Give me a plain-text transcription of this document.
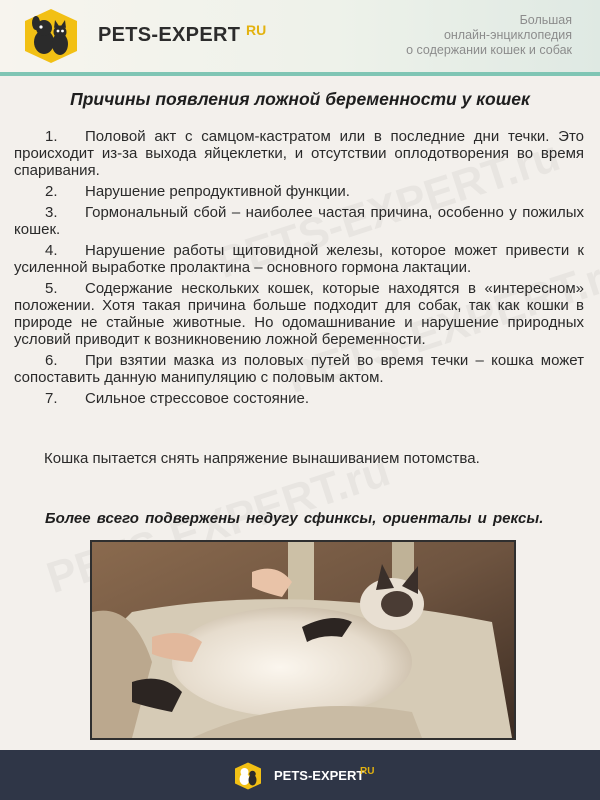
PETS-EXPERT RU
Большая
онлайн-энциклопедия
о содержании кошек и собак
Причины появления ложной беременности у кошек

1. Половой акт с самцом-кастратом или в последние дни течки. Это происходит из-за выхода яйцеклетки, и отсутствии оплодотворения во время спаривания.

2. Нарушение репродуктивной функции.

3. Гормональный сбой – наиболее частая причина, особенно у пожилых кошек.

4. Нарушение работы щитовидной железы, которое может привести к усиленной выработке пролактина – основного гормона лактации.

5. Содержание нескольких кошек, которые находятся в «интересном» положении. Хотя такая причина больше подходит для собак, так как кошки в природе не стайные животные. Но одомашнивание и нарушение природных условий приводит к возникновению ложной беременности.

6. При взятии мазка из половых путей во время течки – кошка может сопоставить данную манипуляцию с половым актом.

7. Сильное стрессовое состояние.

Кошка пытается снять напряжение вынашиванием потомства.
Более всего подвержены недугу сфинксы, ориенталы и рексы.
PETS-EXPERT
RU
